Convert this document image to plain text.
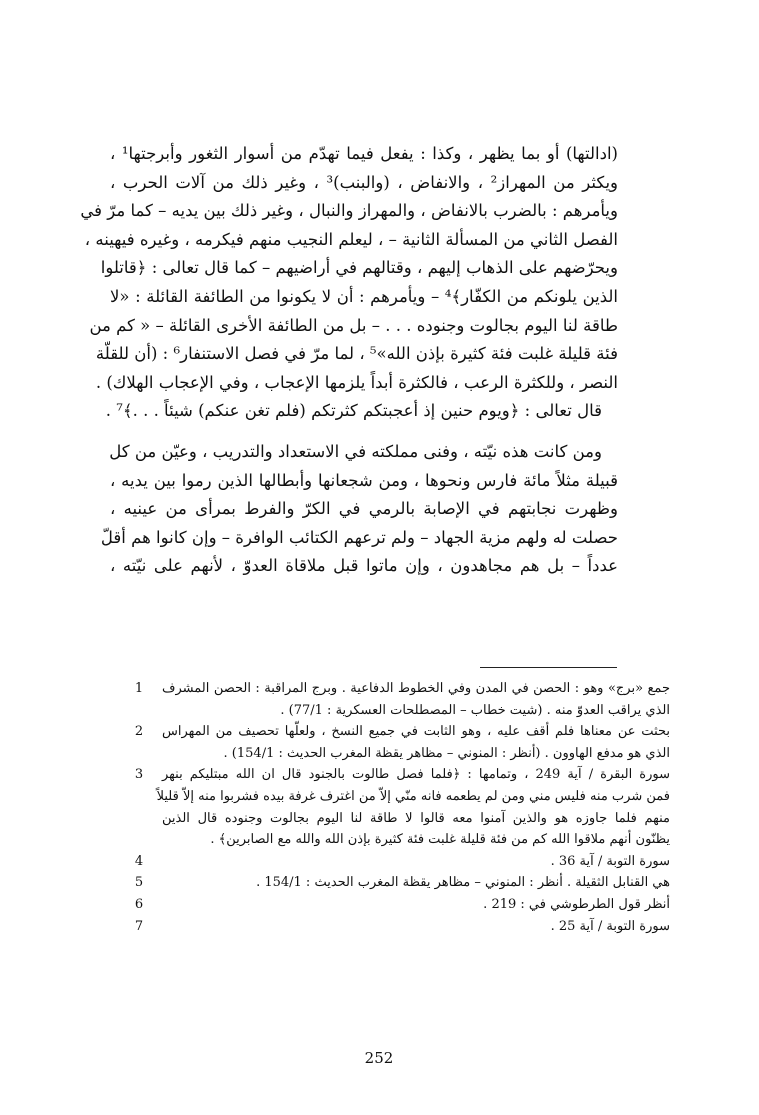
(ادالتها) أو بما يظهر ، وكذا : يفعل فيما تهدّم من أسوار الثغور وأبرجتها¹ ،
ويكثر من المهراز² ، والانفاض ، (والبنب)³ ، وغير ذلك من آلات الحرب ،
ويأمرهم : بالضرب بالانفاض ، والمهراز والنبال ، وغير ذلك بين يديه – كما مرّ في
الفصل الثاني من المسألة الثانية – ، ليعلم النجيب منهم فيكرمه ، وغيره فيهينه ،
ويحرّضهم على الذهاب إليهم ، وقتالهم في أراضيهم – كما قال تعالى : ﴿قاتلوا
الذين يلونكم من الكفّار﴾⁴ – ويأمرهم : أن لا يكونوا من الطائفة القائلة : «لا
طاقة لنا اليوم بجالوت وجنوده . . . – بل من الطائفة الأخرى القائلة – « كم من
فئة قليلة غلبت فئة كثيرة بإذن الله»⁵ ، لما مرّ في فصل الاستنفار⁶ : (أن للقلّة
النصر ، وللكثرة الرعب ، فالكثرة أبداً يلزمها الإعجاب ، وفي الإعجاب الهلاك) .
قال تعالى : ﴿ويوم حنين إذ أعجبتكم كثرتكم (فلم تغن عنكم) شيئاً . . .﴾⁷ .
ومن كانت هذه نيّته ، وفنى مملكته في الاستعداد والتدريب ، وعيّن من كل
قبيلة مثلاً مائة فارس ونحوها ، ومن شجعانها وأبطالها الذين رموا بين يديه ،
وظهرت نجابتهم في الإصابة بالرمي في الكرّ والفرط بمرأى من عينيه ،
حصلت له ولهم مزية الجهاد – ولم ترعهم الكتائب الوافرة – وإن كانوا هم أقلّ
عدداً – بل هم مجاهدون ، وإن ماتوا قبل ملاقاة العدوّ ، لأنهم على نيّته ،
جمع «برج» وهو : الحصن في المدن وفي الخطوط الدفاعية . وبرج المراقبة : الحصن المشرف
الذي يراقب العدوّ منه . (شيت خطاب – المصطلحات العسكرية : 77/1) .
1
بحثت عن معناها فلم أقف عليه ، وهو الثابت في جميع النسخ ، ولعلّها تحصيف من المهراس
الذي هو مدفع الهاوون . (أنظر : المنوني – مظاهر يقظة المغرب الحديث : 154/1) .
2
سورة البقرة / آية 249 ، وتمامها : ﴿فلما فصل طالوت بالجنود قال ان الله مبتليكم بنهر
فمن شرب منه فليس مني ومن لم يطعمه فانه منّي إلاّ من اغترف غرفة بيده فشربوا منه إلاّ قليلاً
منهم فلما جاوزه هو والذين آمنوا معه قالوا لا طاقة لنا اليوم بجالوت وجنوده قال الذين
يظنّون أنهم ملاقوا الله كم من فئة قليلة غلبت فئة كثيرة بإذن الله والله مع الصابرين﴾ .
3
سورة التوبة / آية 36 .
4
هي القنابل الثقيلة . أنظر : المنوني – مظاهر يقظة المغرب الحديث : 154/1 .
5
أنظر قول الطرطوشي في : 219 .
6
سورة التوبة / آية 25 .
7
252
